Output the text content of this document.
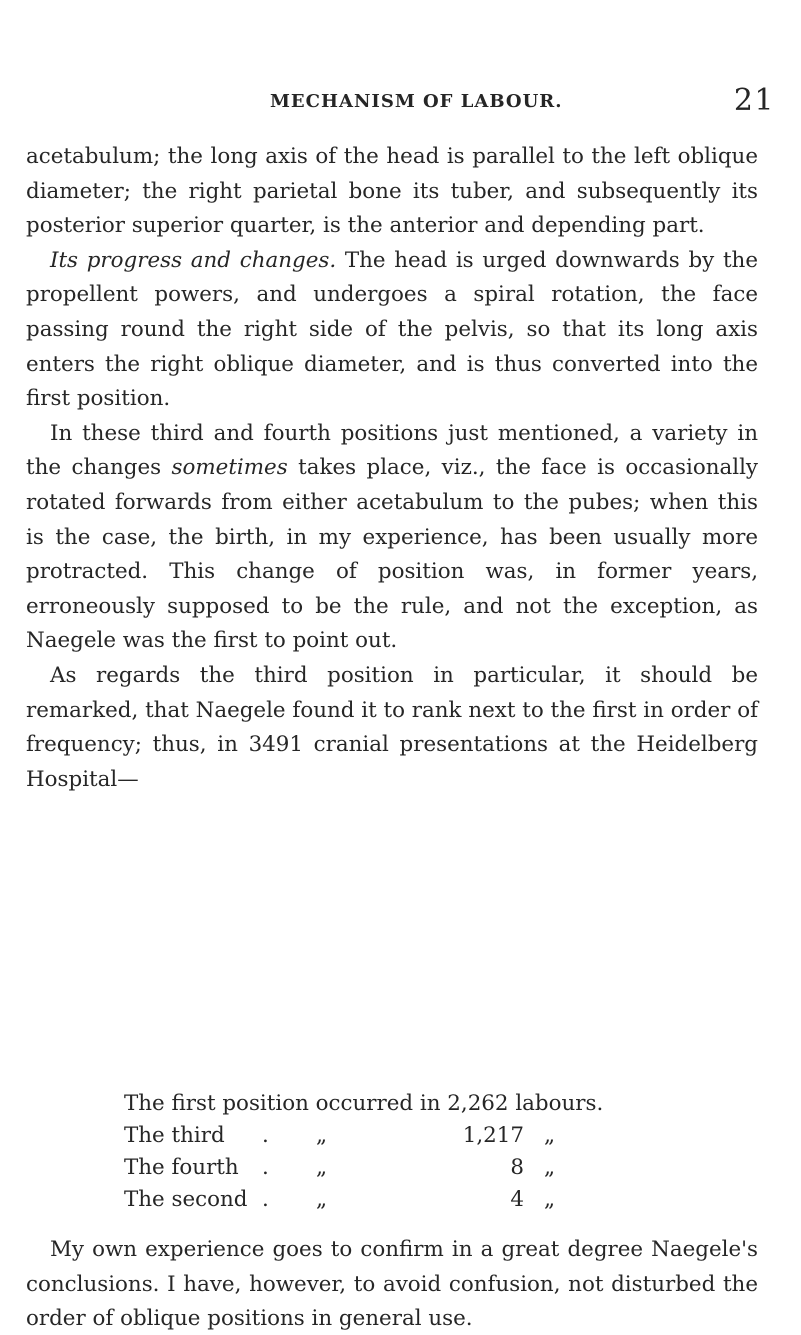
MECHANISM OF LABOUR.	21

acetabulum; the long axis of the head is parallel to the left oblique diameter; the right parietal bone its tuber, and subsequently its posterior superior quarter, is the anterior and depending part.

Its progress and changes. The head is urged downwards by the propellent powers, and undergoes a spiral rotation, the face passing round the right side of the pelvis, so that its long axis enters the right oblique diameter, and is thus converted into the first position.

In these third and fourth positions just mentioned, a variety in the changes sometimes takes place, viz., the face is occasionally rotated forwards from either acetabulum to the pubes; when this is the case, the birth, in my experience, has been usually more protracted. This change of position was, in former years, erroneously supposed to be the rule, and not the exception, as Naegele was the first to point out.

As regards the third position in particular, it should be remarked, that Naegele found it to rank next to the first in order of frequency; thus, in 3491 cranial presentations at the Heidelberg Hospital—

The first position occurred in 2,262 labours.
The third . „	1,217 „
The fourth . „	8 „
The second . „	4 „

My own experience goes to confirm in a great degree Naegele's conclusions. I have, however, to avoid confusion, not disturbed the order of oblique positions in general use.
